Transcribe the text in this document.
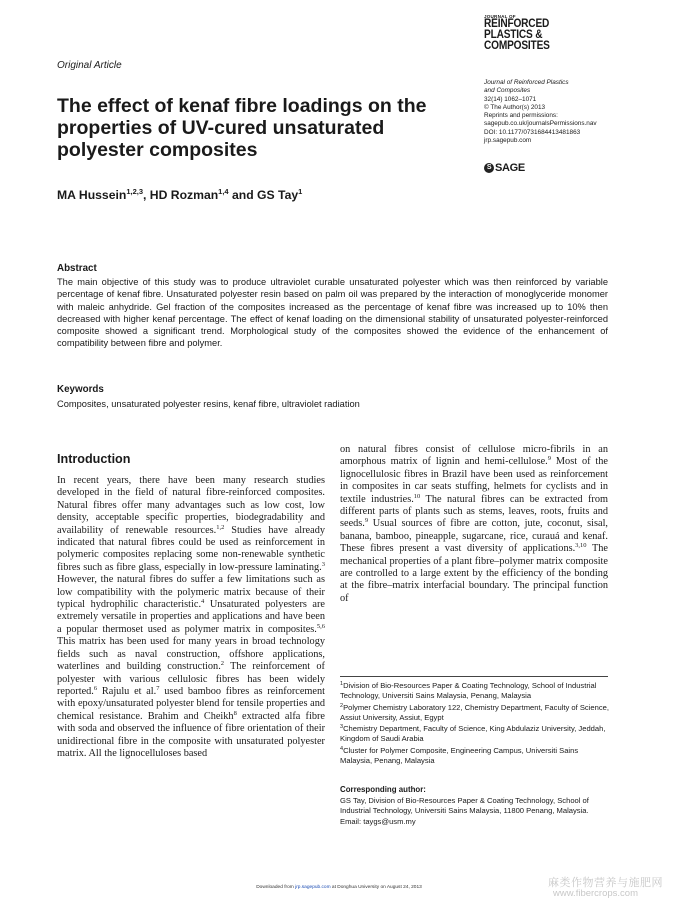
Original Article
JOURNAL OF
REINFORCED
PLASTICS &
COMPOSITES
Journal of Reinforced Plastics
and Composites
32(14) 1062–1071
© The Author(s) 2013
Reprints and permissions:
sagepub.co.uk/journalsPermissions.nav
DOI: 10.1177/0731684413481863
jrp.sagepub.com
S SAGE
The effect of kenaf fibre loadings on the properties of UV-cured unsaturated polyester composites
MA Hussein$^{1,2,3}$, HD Rozman$^{1,4}$ and GS Tay$^1$
Abstract
The main objective of this study was to produce ultraviolet curable unsaturated polyester which was then reinforced by variable percentage of kenaf fibre. Unsaturated polyester resin based on palm oil was prepared by the interaction of monoglyceride monomer with maleic anhydride. Gel fraction of the composites increased as the percentage of kenaf fibre was increased up to 10% then decreased with higher kenaf percentage. The effect of kenaf loading on the dimensional stability of unsaturated polyester-reinforced composite showed a significant trend. Morphological study of the composites showed the evidence of the enhancement of compatibility between fibre and polymer.
Keywords
Composites, unsaturated polyester resins, kenaf fibre, ultraviolet radiation
Introduction
In recent years, there have been many research studies developed in the field of natural fibre-reinforced composites. Natural fibres offer many advantages such as low cost, low density, acceptable specific properties, biodegradability and availability of renewable resources.$^{1,2}$ Studies have already indicated that natural fibres could be used as reinforcement in polymeric composites replacing some non-renewable synthetic fibres such as fibre glass, especially in low-pressure laminating.$^3$ However, the natural fibres do suffer a few limitations such as low compatibility with the polymeric matrix because of their typical hydrophilic characteristic.$^4$ Unsaturated polyesters are extremely versatile in properties and applications and have been a popular thermoset used as polymer matrix in composites.$^{5,6}$ This matrix has been used for many years in broad technology fields such as naval construction, offshore applications, waterlines and building construction.$^2$ The reinforcement of polyester with various cellulosic fibres has been widely reported.$^6$ Rajulu et al.$^7$ used bamboo fibres as reinforcement with epoxy/unsaturated polyester blend for tensile properties and chemical resistance. Brahim and Cheikh$^8$ extracted alfa fibre with soda and observed the influence of fibre orientation of their unidirectional fibre in the composite with unsaturated polyester matrix. All the lignocelluloses based
on natural fibres consist of cellulose micro-fibrils in an amorphous matrix of lignin and hemi-cellulose.$^9$ Most of the lignocellulosic fibres in Brazil have been used as reinforcement in composites in car seats stuffing, helmets for cyclists and in textile industries.$^{10}$ The natural fibres can be extracted from different parts of plants such as stems, leaves, roots, fruits and seeds.$^9$ Usual sources of fibre are cotton, jute, coconut, sisal, banana, bamboo, pineapple, sugarcane, rice, curauá and kenaf. These fibres present a vast diversity of applications.$^{3,10}$ The mechanical properties of a plant fibre–polymer matrix composite are controlled to a large extent by the efficiency of the bonding at the fibre–matrix interfacial boundary. The principal function of
$^1$Division of Bio-Resources Paper & Coating Technology, School of Industrial Technology, Universiti Sains Malaysia, Penang, Malaysia
$^2$Polymer Chemistry Laboratory 122, Chemistry Department, Faculty of Science, Assiut University, Assiut, Egypt
$^3$Chemistry Department, Faculty of Science, King Abdulaziz University, Jeddah, Kingdom of Saudi Arabia
$^4$Cluster for Polymer Composite, Engineering Campus, Universiti Sains Malaysia, Penang, Malaysia
Corresponding author:
GS Tay, Division of Bio-Resources Paper & Coating Technology, School of Industrial Technology, Universiti Sains Malaysia, 11800 Penang, Malaysia.
Email: taygs@usm.my
Downloaded from jrp.sagepub.com at Donghua University on August 24, 2013	麻类作物营养与施肥网
www.fibercrops.com
